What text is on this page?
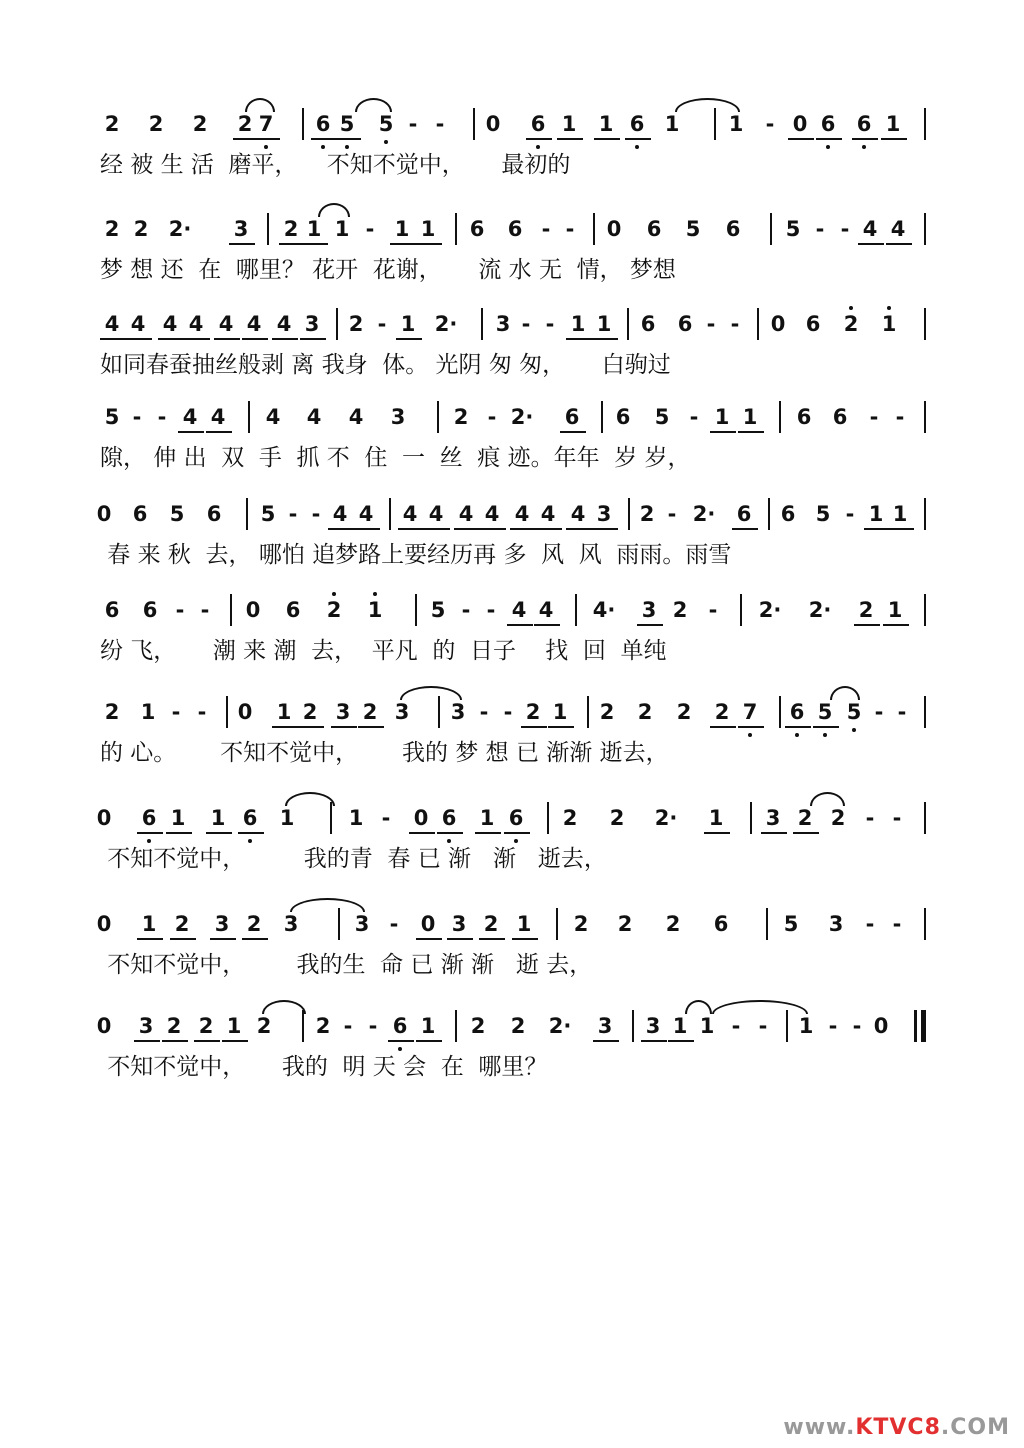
2 2 2 2 7 6 5 5 - -	0 6 1 1 6 1 1	- 0 6 6 1
经 被 生 活  磨平，    不知不觉中，     最初的
2 2 2· 3 2 1 1 - 1 1 6 6 - -	0 6 5 6 5 - - 4 4
梦 想 还  在  哪里？ 花开  花谢，     流 水 无  情， 梦想
4 4 4 4 4 4 4 3 2 - 1 2· 3 - - 1 1 6 6 - -	0 6 2 1
如同春蚕抽丝般剥 离 我身  体。 光阴 匆 匆，     白驹过
5 - - 4 4 4 4 4 3 2 - 2· 6 6 5 - 1 1 6 6	- -
隙， 伸 出  双  手  抓 不  住  一  丝  痕 迹。年年  岁 岁，
0 6 5 6 5 - - 4 4 4 4 4 4 4 4 4 3 2 - 2· 6 6 5 - 1 1
春 来 秋  去， 哪怕 追梦路上要经历再 多  风  风  雨雨。雨雪
6 6 - -	0 6 2 1 5 - - 4 4 4· 3 2	-	2· 2· 2 1
纷 飞，     潮 来 潮  去，  平凡  的  日子    找  回  单纯
2 1 - -	0 1 2 3 2 3 3 - - 2 1 2 2 2 2 7 6 5 5 - -
的 心。      不知不觉中，      我的 梦 想 已 渐渐 逝去，
0 6 1 1 6 1	1 -	0 6 1 6 2 2 2· 1 3 2 2 - -
不知不觉中，        我的青  春 已 渐   渐   逝去，
0 1 2 3 2 3	3 -	0 3 2 1 2 2 2 6	5 3	- -
不知不觉中，       我的生  命 已 渐 渐   逝 去，
0 3 2 2 1 2 2 - - 6 1 2 2 2· 3 3 1 1 - -	1 - - 0
不知不觉中，     我的  明 天 会  在  哪里？
www.KTVC8.COM
